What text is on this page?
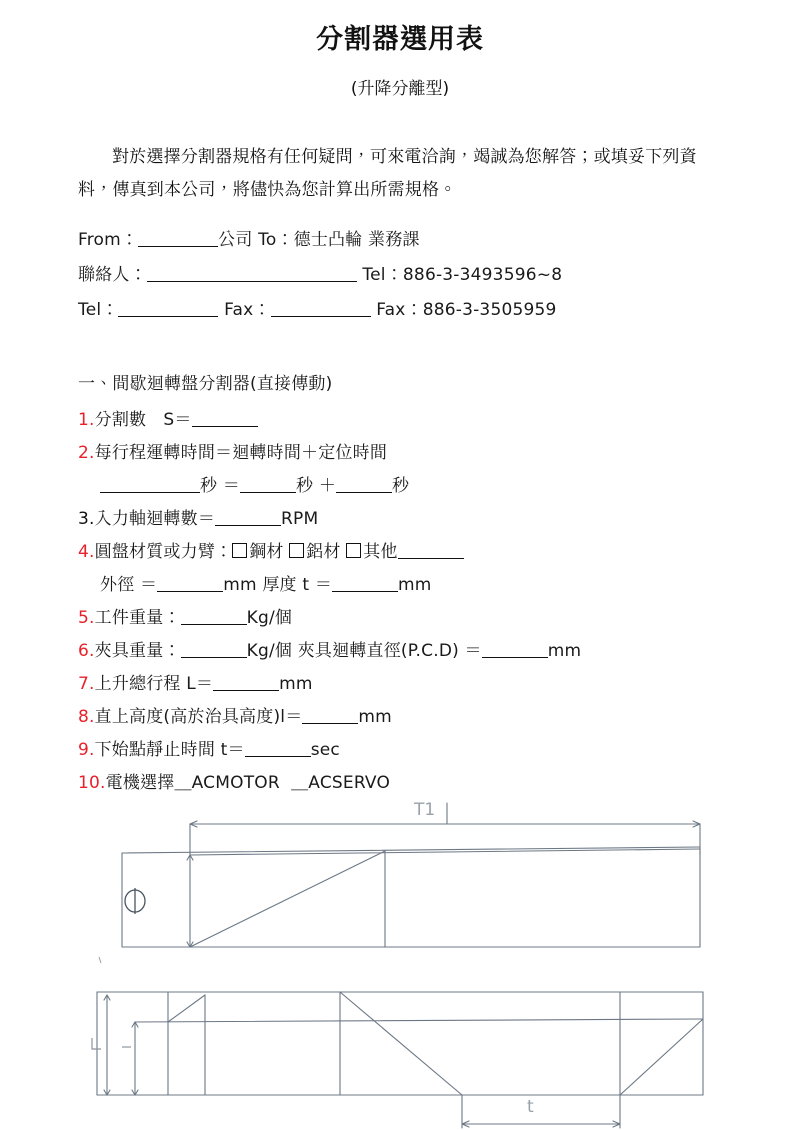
分割器選用表
(升降分離型)
對於選擇分割器規格有任何疑問，可來電洽詢，竭誠為您解答；或填妥下列資料，傳真到本公司，將儘快為您計算出所需規格。
From：	公司 To：德士凸輪 業務課
聯絡人：	Tel：886-3-3493596~8
Tel：	Fax：	Fax：886-3-3505959
一、間歇迴轉盤分割器(直接傳動)
1.分割數　S＝
2.每行程運轉時間＝迴轉時間＋定位時間
秒 ＝	秒 ＋	秒
3.入力軸迴轉數＝	RPM
4.圓盤材質或力臂： 鋼材 鋁材 其他
外徑 ＝	mm 厚度 t ＝	mm
5.工件重量：	Kg/個
6.夾具重量：	Kg/個 夾具迴轉直徑(P.C.D) ＝	mm
7.上升總行程 L＝	mm
8.直上高度(高於治具高度)l＝	mm
9.下始點靜止時間 t＝	sec
10.電機選擇＿ACMOTOR ＿ACSERVO
T1
t
